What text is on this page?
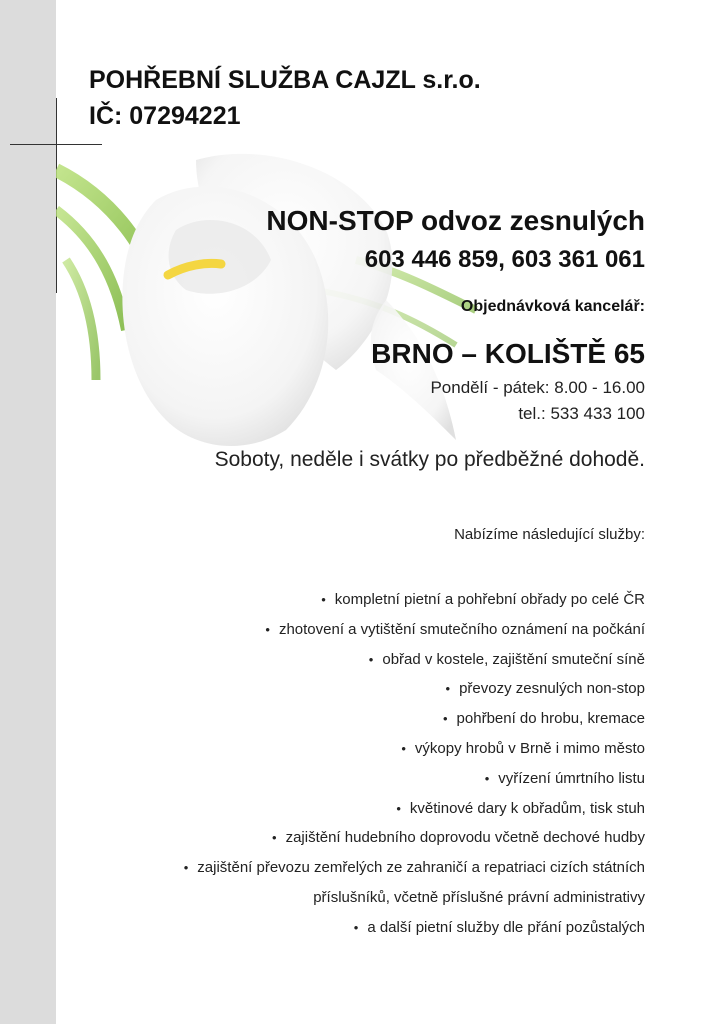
POHŘEBNÍ SLUŽBA CAJZL s.r.o.
IČ: 07294221

NON-STOP odvoz zesnulých
603 446 859, 603 361 061
Objednávková kancelář:
BRNO – KOLIŠTĚ 65
Pondělí - pátek: 8.00 - 16.00
tel.: 533 433 100
Soboty, neděle i svátky po předběžné dohodě.
Nabízíme následující služby:
• kompletní pietní a pohřební obřady po celé ČR
• zhotovení a vytištění smutečního oznámení na počkání
• obřad v kostele, zajištění smuteční síně
• převozy zesnulých non-stop
• pohřbení do hrobu, kremace
• výkopy hrobů v Brně i mimo město
• vyřízení úmrtního listu
• květinové dary k obřadům, tisk stuh
• zajištění hudebního doprovodu včetně dechové hudby
• zajištění převozu zemřelých ze zahraničí a repatriaci cizích státních
příslušníků, včetně příslušné právní administrativy
• a další pietní služby dle přání pozůstalých
